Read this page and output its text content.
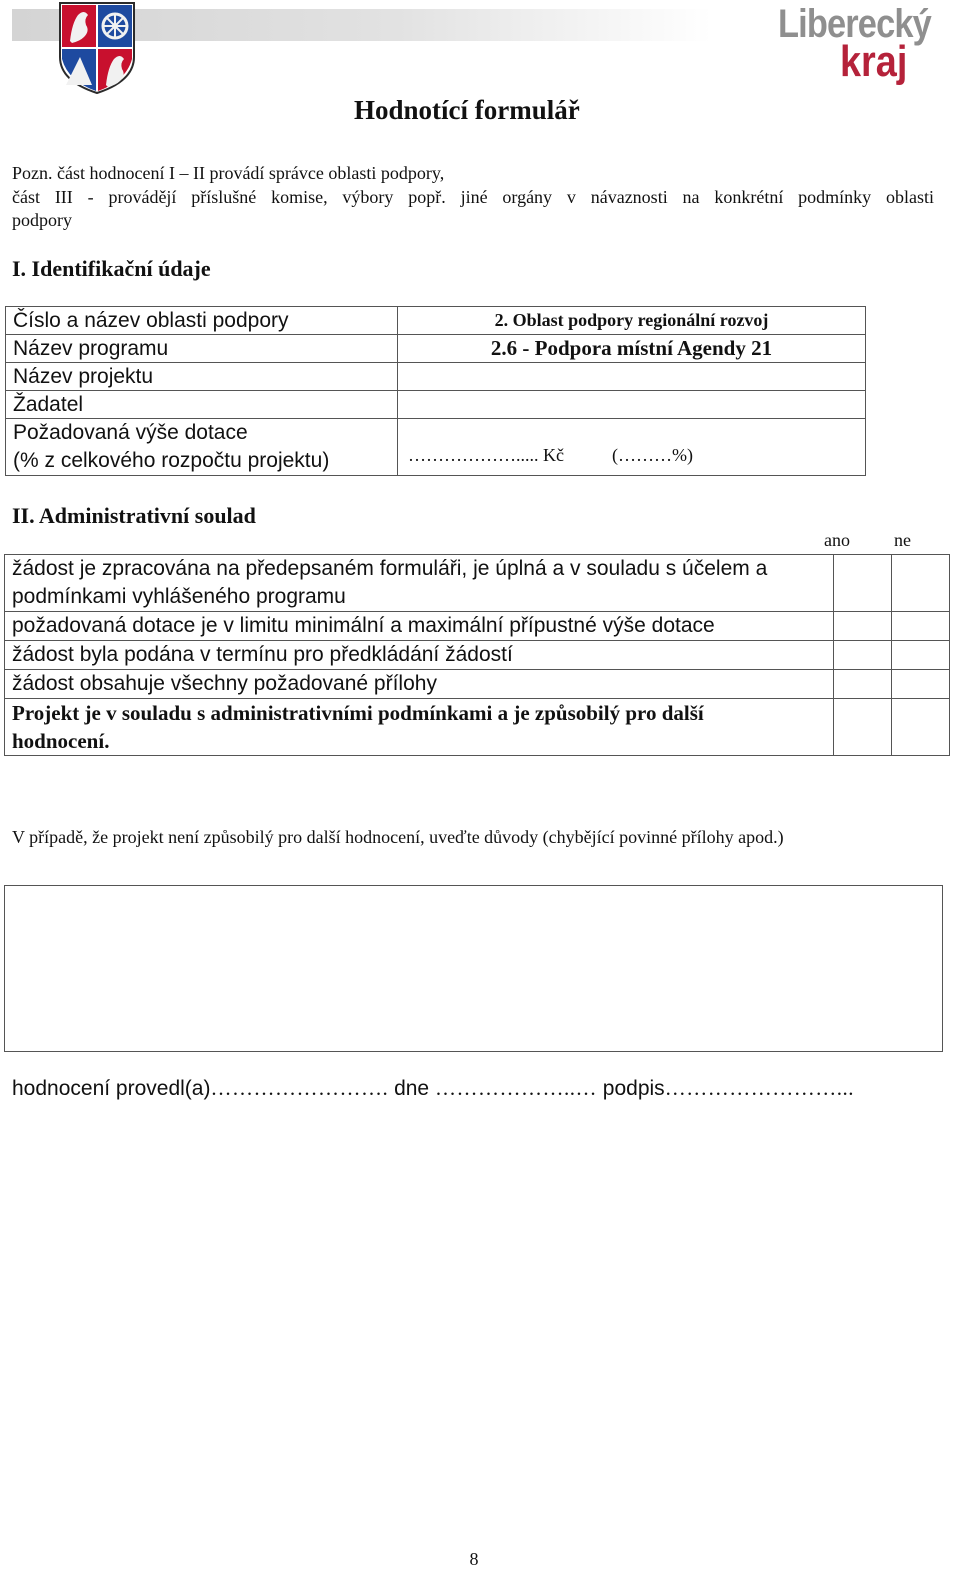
Liberecký
kraj
Hodnotící formulář

Pozn. část hodnocení I – II provádí správce oblasti podpory,

část III - provádějí příslušné komise, výbory popř. jiné orgány v návaznosti na konkrétní podmínky oblasti

podpory

I. Identifikační údaje
Číslo a název oblasti podpory	2. Oblast podpory regionální rozvoj
Název programu	2.6 - Podpora místní Agendy 21
Název projektu	
Žadatel	

Požadovaná výše dotace
(% z celkového rozpočtu projektu)	………………..... Kč (………%)
II. Administrativní soulad
ano ne
žádost je zpracována na předepsaném formuláři, je úplná a v souladu s účelem a
podmínkami vyhlášeného programu		

požadovaná dotace je v limitu minimální a maximální přípustné výše dotace		
žádost byla podána v termínu pro předkládání žádostí		
žádost obsahuje všechny požadované přílohy		

Projekt je v souladu s administrativními podmínkami a je způsobilý pro další
hodnocení.		

V případě, že projekt není způsobilý pro další hodnocení, uveďte důvody (chybějící povinné přílohy apod.)
hodnocení provedl(a)……………………. dne ………………..… podpis……………………...
8
